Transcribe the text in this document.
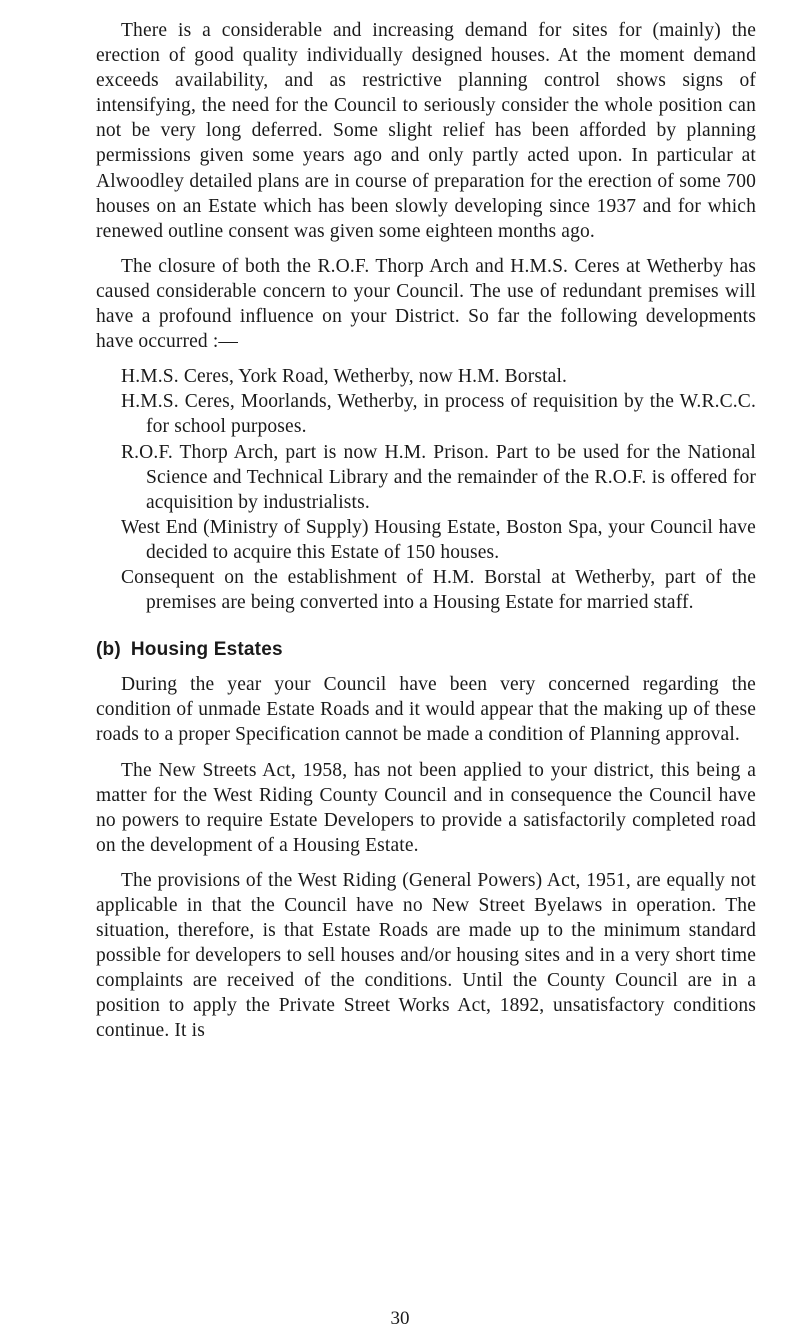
There is a considerable and increasing demand for sites for (mainly) the erection of good quality individually designed houses. At the moment demand exceeds availability, and as restrictive planning control shows signs of intensifying, the need for the Council to seriously consider the whole position can not be very long deferred. Some slight relief has been afforded by planning permissions given some years ago and only partly acted upon. In particular at Alwoodley detailed plans are in course of preparation for the erection of some 700 houses on an Estate which has been slowly developing since 1937 and for which renewed outline consent was given some eighteen months ago.

The closure of both the R.O.F. Thorp Arch and H.M.S. Ceres at Wetherby has caused considerable concern to your Council. The use of redundant premises will have a profound influence on your District. So far the following developments have occurred :—

H.M.S. Ceres, York Road, Wetherby, now H.M. Borstal.

H.M.S. Ceres, Moorlands, Wetherby, in process of requisition by the W.R.C.C. for school purposes.

R.O.F. Thorp Arch, part is now H.M. Prison. Part to be used for the National Science and Technical Library and the remainder of the R.O.F. is offered for acquisition by industrialists.

West End (Ministry of Supply) Housing Estate, Boston Spa, your Council have decided to acquire this Estate of 150 houses.

Consequent on the establishment of H.M. Borstal at Wetherby, part of the premises are being converted into a Housing Estate for married staff.

(b) Housing Estates

During the year your Council have been very concerned regarding the condition of unmade Estate Roads and it would appear that the making up of these roads to a proper Specification cannot be made a condition of Planning approval.

The New Streets Act, 1958, has not been applied to your district, this being a matter for the West Riding County Council and in consequence the Council have no powers to require Estate Developers to provide a satisfactorily completed road on the development of a Housing Estate.

The provisions of the West Riding (General Powers) Act, 1951, are equally not applicable in that the Council have no New Street Byelaws in operation. The situation, therefore, is that Estate Roads are made up to the minimum standard possible for developers to sell houses and/or housing sites and in a very short time complaints are received of the conditions. Until the County Council are in a position to apply the Private Street Works Act, 1892, unsatisfactory conditions continue. It is

30
